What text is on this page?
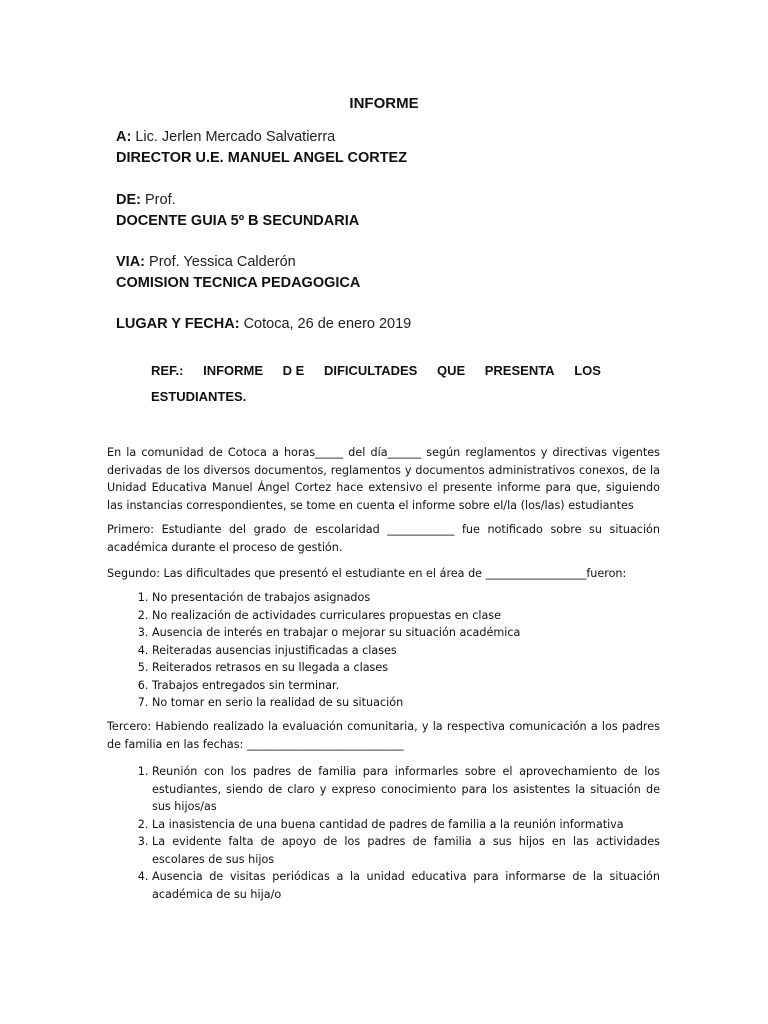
INFORME
A: Lic. Jerlen Mercado Salvatierra
DIRECTOR U.E. MANUEL ANGEL CORTEZ
DE: Prof.
DOCENTE GUIA 5º B SECUNDARIA
VIA: Prof. Yessica Calderón
COMISION TECNICA PEDAGOGICA
LUGAR Y FECHA: Cotoca, 26 de enero 2019
REF.: INFORME D E DIFICULTADES QUE PRESENTA LOS
ESTUDIANTES.

En la comunidad de Cotoca a horas_____ del día______ según reglamentos y directivas vigentes derivadas de los diversos documentos, reglamentos y documentos administrativos conexos, de la Unidad Educativa Manuel Ángel Cortez hace extensivo el presente informe para que, siguiendo las instancias correspondientes, se tome en cuenta el informe sobre el/la (los/las) estudiantes

Primero: Estudiante del grado de escolaridad ____________ fue notificado sobre su situación académica durante el proceso de gestión.

Segundo: Las dificultades que presentó el estudiante en el área de __________________fueron:

1. No presentación de trabajos asignados
2. No realización de actividades curriculares propuestas en clase
3. Ausencia de interés en trabajar o mejorar su situación académica
4. Reiteradas ausencias injustificadas a clases
5. Reiterados retrasos en su llegada a clases
6. Trabajos entregados sin terminar.
7. No tomar en serio la realidad de su situación

Tercero: Habiendo realizado la evaluación comunitaria, y la respectiva comunicación a los padres de familia en las fechas: ____________________________

1. Reunión con los padres de familia para informarles sobre el aprovechamiento de los estudiantes, siendo de claro y expreso conocimiento para los asistentes la situación de sus hijos/as
2. La inasistencia de una buena cantidad de padres de familia a la reunión informativa
3. La evidente falta de apoyo de los padres de familia a sus hijos en las actividades escolares de sus hijos
4. Ausencia de visitas periódicas a la unidad educativa para informarse de la situación académica de su hija/o
